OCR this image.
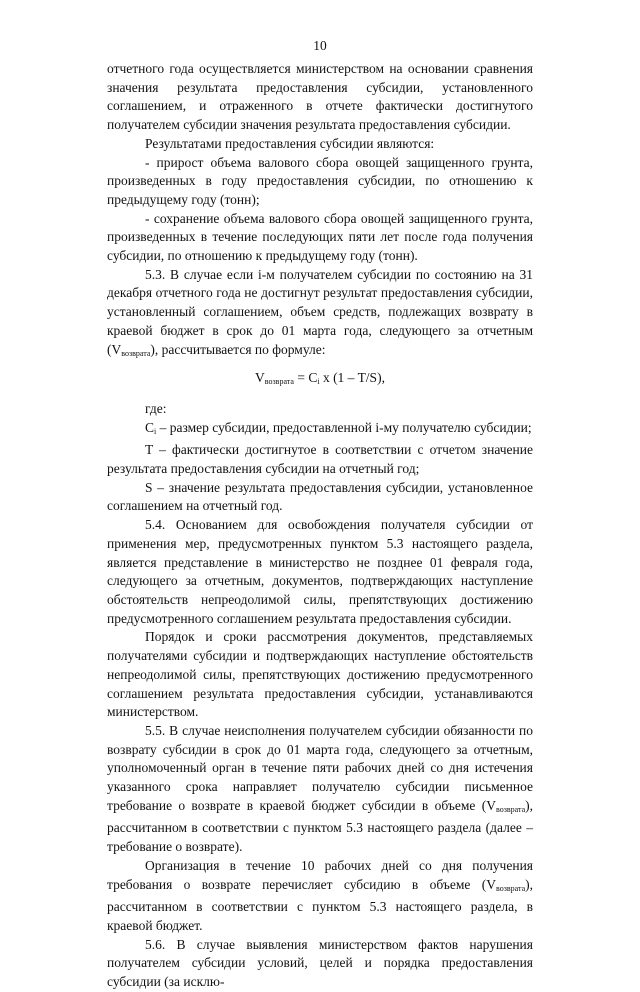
10

отчетного года осуществляется министерством на основании сравнения значения результата предоставления субсидии, установленного соглашением, и отраженного в отчете фактически достигнутого получателем субсидии значения результата предоставления субсидии.

Результатами предоставления субсидии являются:

- прирост объема валового сбора овощей защищенного грунта, произведенных в году предоставления субсидии, по отношению к предыдущему году (тонн);

- сохранение объема валового сбора овощей защищенного грунта, произведенных в течение последующих пяти лет после года получения субсидии, по отношению к предыдущему году (тонн).

5.3. В случае если i-м получателем субсидии по состоянию на 31 декабря отчетного года не достигнут результат предоставления субсидии, установленный соглашением, объем средств, подлежащих возврату в краевой бюджет в срок до 01 марта года, следующего за отчетным $(V_{возврата})$, рассчитывается по формуле:

$V_{возврата} = C_i$ x (1 – T/S),

где:

$C_i$ – размер субсидии, предоставленной i-му получателю субсидии;

T – фактически достигнутое в соответствии с отчетом значение результата предоставления субсидии на отчетный год;

S – значение результата предоставления субсидии, установленное соглашением на отчетный год.

5.4. Основанием для освобождения получателя субсидии от применения мер, предусмотренных пунктом 5.3 настоящего раздела, является представление в министерство не позднее 01 февраля года, следующего за отчетным, документов, подтверждающих наступление обстоятельств непреодолимой силы, препятствующих достижению предусмотренного соглашением результата предоставления субсидии.

Порядок и сроки рассмотрения документов, представляемых получателями субсидии и подтверждающих наступление обстоятельств непреодолимой силы, препятствующих достижению предусмотренного соглашением результата предоставления субсидии, устанавливаются министерством.

5.5. В случае неисполнения получателем субсидии обязанности по возврату субсидии в срок до 01 марта года, следующего за отчетным, уполномоченный орган в течение пяти рабочих дней со дня истечения указанного срока направляет получателю субсидии письменное требование о возврате в краевой бюджет субсидии в объеме $(V_{возврата})$, рассчитанном в соответствии с пунктом 5.3 настоящего раздела (далее – требование о возврате).

Организация в течение 10 рабочих дней со дня получения требования о возврате перечисляет субсидию в объеме $(V_{возврата})$, рассчитанном в соответствии с пунктом 5.3 настоящего раздела, в краевой бюджет.

5.6. В случае выявления министерством фактов нарушения получателем субсидии условий, целей и порядка предоставления субсидии (за исклю-
